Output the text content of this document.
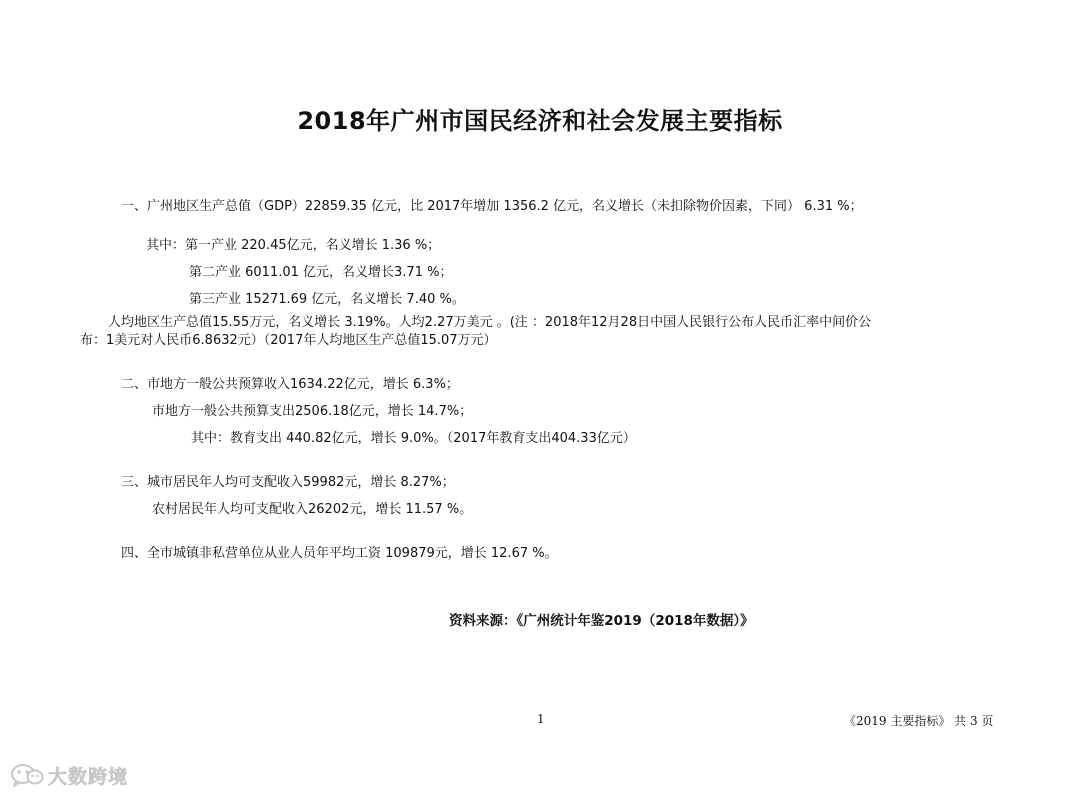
2018年广州市国民经济和社会发展主要指标
一、广州地区生产总值（GDP）22859.35 亿元，比 2017年增加 1356.2 亿元，名义增长（未扣除物价因素，下同） 6.31 %；
其中：第一产业 220.45亿元，名义增长 1.36 %；
第二产业 6011.01 亿元，名义增长3.71 %；
第三产业 15271.69 亿元，名义增长 7.40 %。
人均地区生产总值15.55万元，名义增长 3.19%。人均2.27万美元 。(注 ：2018年12月28日中国人民银行公布人民币汇率中间价公
布：1美元对人民币6.8632元）（2017年人均地区生产总值15.07万元）
二、市地方一般公共预算收入1634.22亿元，增长 6.3%；
市地方一般公共预算支出2506.18亿元，增长 14.7%；
其中：教育支出 440.82亿元，增长 9.0%。（2017年教育支出404.33亿元）
三、城市居民年人均可支配收入59982元，增长 8.27%；
农村居民年人均可支配收入26202元，增长 11.57 %。
四、全市城镇非私营单位从业人员年平均工资 109879元，增长 12.67 %。
资料来源：《广州统计年鉴2019（2018年数据）》
1	《2019 主要指标》 共 3 页
大数跨境
